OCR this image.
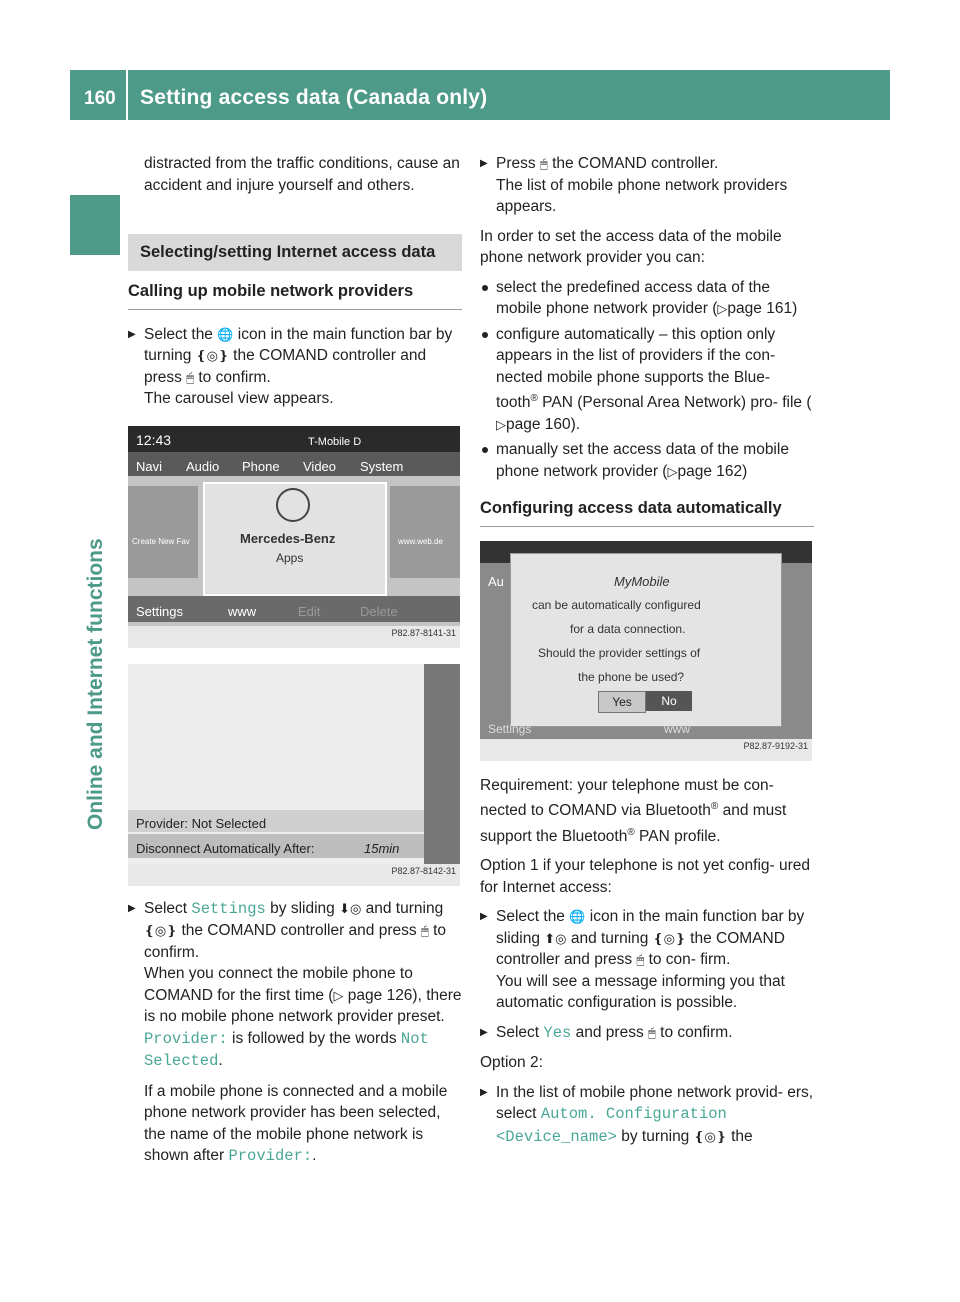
160 Setting access data (Canada only)
Online and Internet functions

distracted from the traffic conditions, cause an accident and injure yourself and others.

Selecting/setting Internet access data
Calling up mobile network providers
▶ Select the 🌐 icon in the main function bar by turning ❴◎❵ the COMAND controller and press 🖱 to confirm.
The carousel view appears.
12:43	T-Mobile D
Navi Audio Phone Video System
Create New Fav	Mercedes-Benz
Apps
www.web.de
Settings	www	Edit	Delete
P82.87-8141-31
Provider: Not Selected
Disconnect Automatically After:	15min
P82.87-8142-31
▶ Select Settings by sliding ⬇◎ and turning ❴◎❵ the COMAND controller and press 🖱 to confirm.
When you connect the mobile phone to COMAND for the first time (▷ page 126), there is no mobile phone network provider preset. Provider: is followed by the words Not Selected.

If a mobile phone is connected and a mobile phone network provider has been selected, the name of the mobile phone network is shown after Provider:.

▶ Press 🖱 the COMAND controller.
The list of mobile phone network providers appears.

In order to set the access data of the mobile phone network provider you can:

select the predefined access data of the mobile phone network provider (▷page 161)
configure automatically – this option only appears in the list of providers if the con- nected mobile phone supports the Blue- tooth® PAN (Personal Area Network) pro- file (▷page 160).
manually set the access data of the mobile phone network provider (▷page 162)
Configuring access data automatically
Au	MyMobile
can be automatically configured
for a data connection.
Should the provider settings of
the phone be used?
Yes	No
Settings	www
P82.87-9192-31

Requirement: your telephone must be con- nected to COMAND via Bluetooth® and must support the Bluetooth® PAN profile.

Option 1 if your telephone is not yet config- ured for Internet access:

▶ Select the 🌐 icon in the main function bar by sliding ⬆◎ and turning ❴◎❵ the COMAND controller and press 🖱 to con- firm.
You will see a message informing you that automatic configuration is possible.
▶ Select Yes and press 🖱 to confirm.

Option 2:

▶ In the list of mobile phone network provid- ers, select Autom. Configuration
<Device_name> by turning ❴◎❵ the
